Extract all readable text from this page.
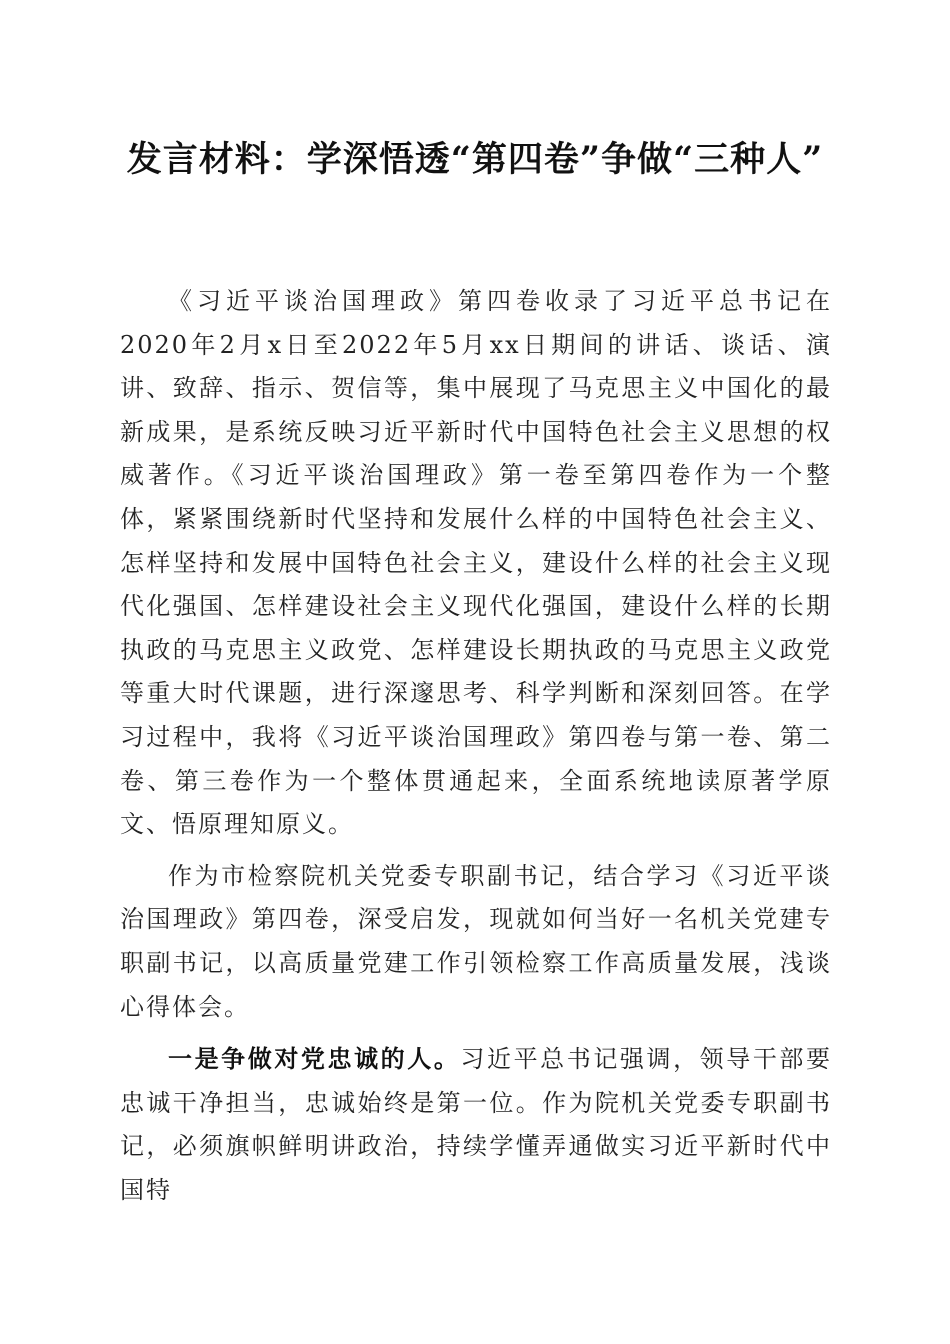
发言材料：学深悟透“第四卷”争做“三种人”

《习近平谈治国理政》第四卷收录了习近平总书记在2020年2月x日至2022年5月xx日期间的讲话、谈话、演讲、致辞、指示、贺信等，集中展现了马克思主义中国化的最新成果，是系统反映习近平新时代中国特色社会主义思想的权威著作。《习近平谈治国理政》第一卷至第四卷作为一个整体，紧紧围绕新时代坚持和发展什么样的中国特色社会主义、怎样坚持和发展中国特色社会主义，建设什么样的社会主义现代化强国、怎样建设社会主义现代化强国，建设什么样的长期执政的马克思主义政党、怎样建设长期执政的马克思主义政党等重大时代课题，进行深邃思考、科学判断和深刻回答。在学习过程中，我将《习近平谈治国理政》第四卷与第一卷、第二卷、第三卷作为一个整体贯通起来，全面系统地读原著学原文、悟原理知原义。

作为市检察院机关党委专职副书记，结合学习《习近平谈治国理政》第四卷，深受启发，现就如何当好一名机关党建专职副书记，以高质量党建工作引领检察工作高质量发展，浅谈心得体会。

一是争做对党忠诚的人。习近平总书记强调，领导干部要忠诚干净担当，忠诚始终是第一位。作为院机关党委专职副书记，必须旗帜鲜明讲政治，持续学懂弄通做实习近平新时代中国特
